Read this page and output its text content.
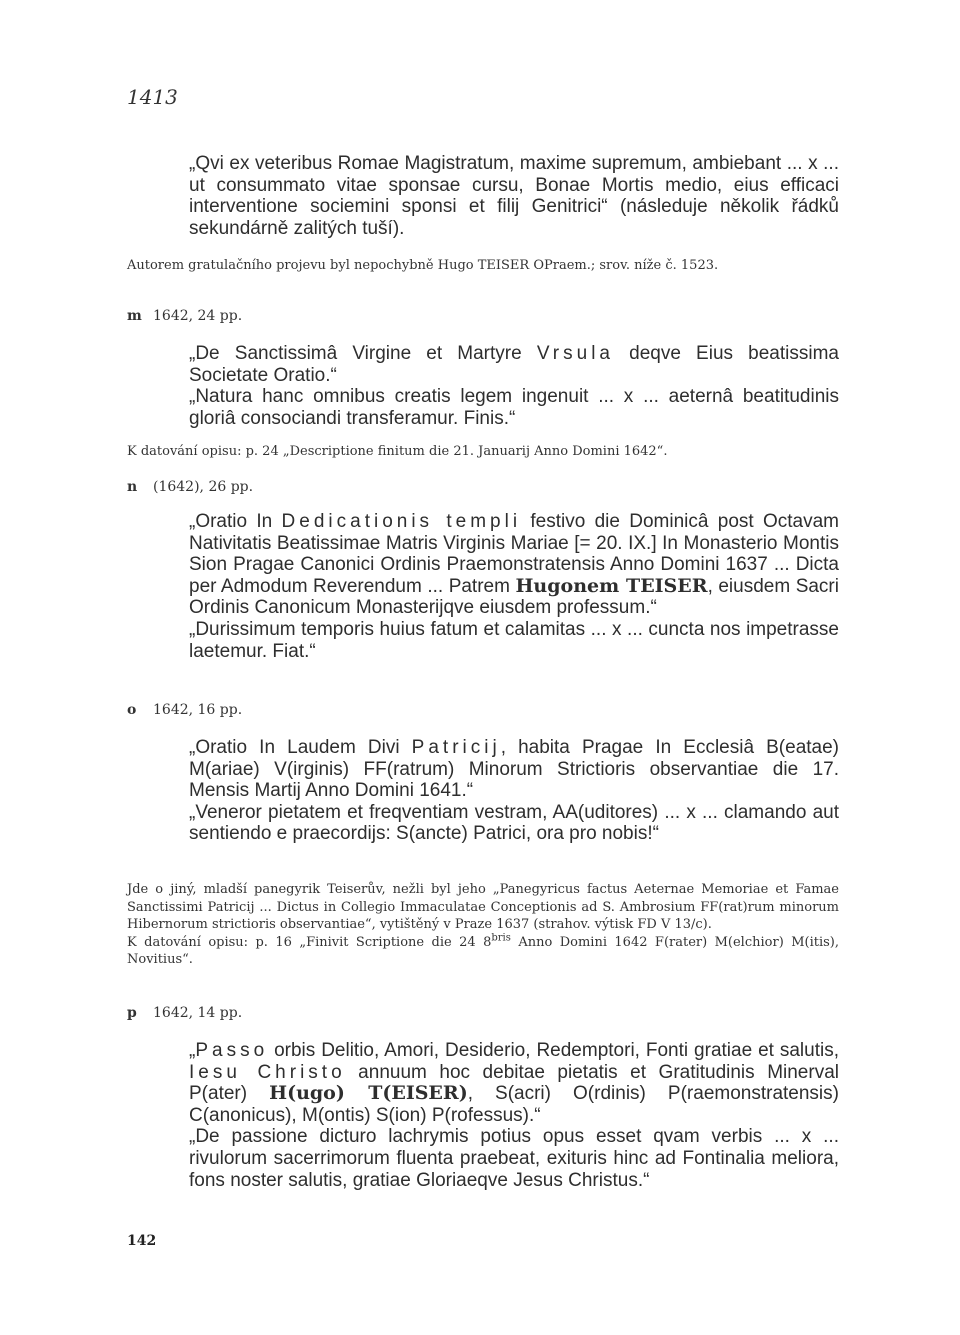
1413

„Qvi ex veteribus Romae Magistratum, maxime supremum, ambiebant ... x ... ut consummato vitae sponsae cursu, Bonae Mortis medio, eius efficaci interventione sociemini sponsi et filij Genitrici“ (následuje několik řádků sekundárně zalitých tuší).

Autorem gratulačního projevu byl nepochybně Hugo TEISER OPraem.; srov. níže č. 1523.

m 1642, 24 pp.

„De Sanctissimâ Virgine et Martyre Vrsula deqve Eius beatissima Societate Oratio.“

„Natura hanc omnibus creatis legem ingenuit ... x ... aeternâ beatitudinis gloriâ consociandi transferamur. Finis.“

K datování opisu: p. 24 „Descriptione finitum die 21. Januarij Anno Domini 1642“.

n (1642), 26 pp.

„Oratio In Dedicationis templi festivo die Dominicâ post Octavam Nativitatis Beatissimae Matris Virginis Mariae [= 20. IX.] In Monasterio Montis Sion Pragae Canonici Ordinis Praemonstratensis Anno Domini 1637 ... Dicta per Admodum Reverendum ... Patrem Hugonem TEISER, eiusdem Sacri Ordinis Canonicum Monasterijqve eiusdem professum.“

„Durissimum temporis huius fatum et calamitas ... x ... cuncta nos impetrasse laetemur. Fiat.“

o 1642, 16 pp.

„Oratio In Laudem Divi Patricij, habita Pragae In Ecclesiâ B(eatae) M(ariae) V(irginis) FF(ratrum) Minorum Strictioris observantiae die 17. Mensis Martij Anno Domini 1641.“

„Veneror pietatem et freqventiam vestram, AA(uditores) ... x ... clamando aut sentiendo e praecordijs: S(ancte) Patrici, ora pro nobis!“

Jde o jiný, mladší panegyrik Teiserův, nežli byl jeho „Panegyricus factus Aeternae Memoriae et Famae Sanctissimi Patricij ... Dictus in Collegio Immaculatae Conceptionis ad S. Ambrosium FF(rat)rum minorum Hibernorum strictioris observantiae“, vytištěný v Praze 1637 (strahov. výtisk FD V 13/c).

K datování opisu: p. 16 „Finivit Scriptione die 24 $8^{bris}$ Anno Domini 1642 F(rater) M(elchior) M(itis), Novitius“.

p 1642, 14 pp.

„Passo orbis Delitio, Amori, Desiderio, Redemptori, Fonti gratiae et salutis, Iesu Christo annuum hoc debitae pietatis et Gratitudinis Minerval P(ater) H(ugo) T(EISER), S(acri) O(rdinis) P(raemonstratensis) C(anonicus), M(ontis) S(ion) P(rofessus).“

„De passione dicturo lachrymis potius opus esset qvam verbis ... x ... rivulorum sacerrimorum fluenta praebeat, exituris hinc ad Fontinalia meliora, fons noster salutis, gratiae Gloriaeqve Jesus Christus.“

142
